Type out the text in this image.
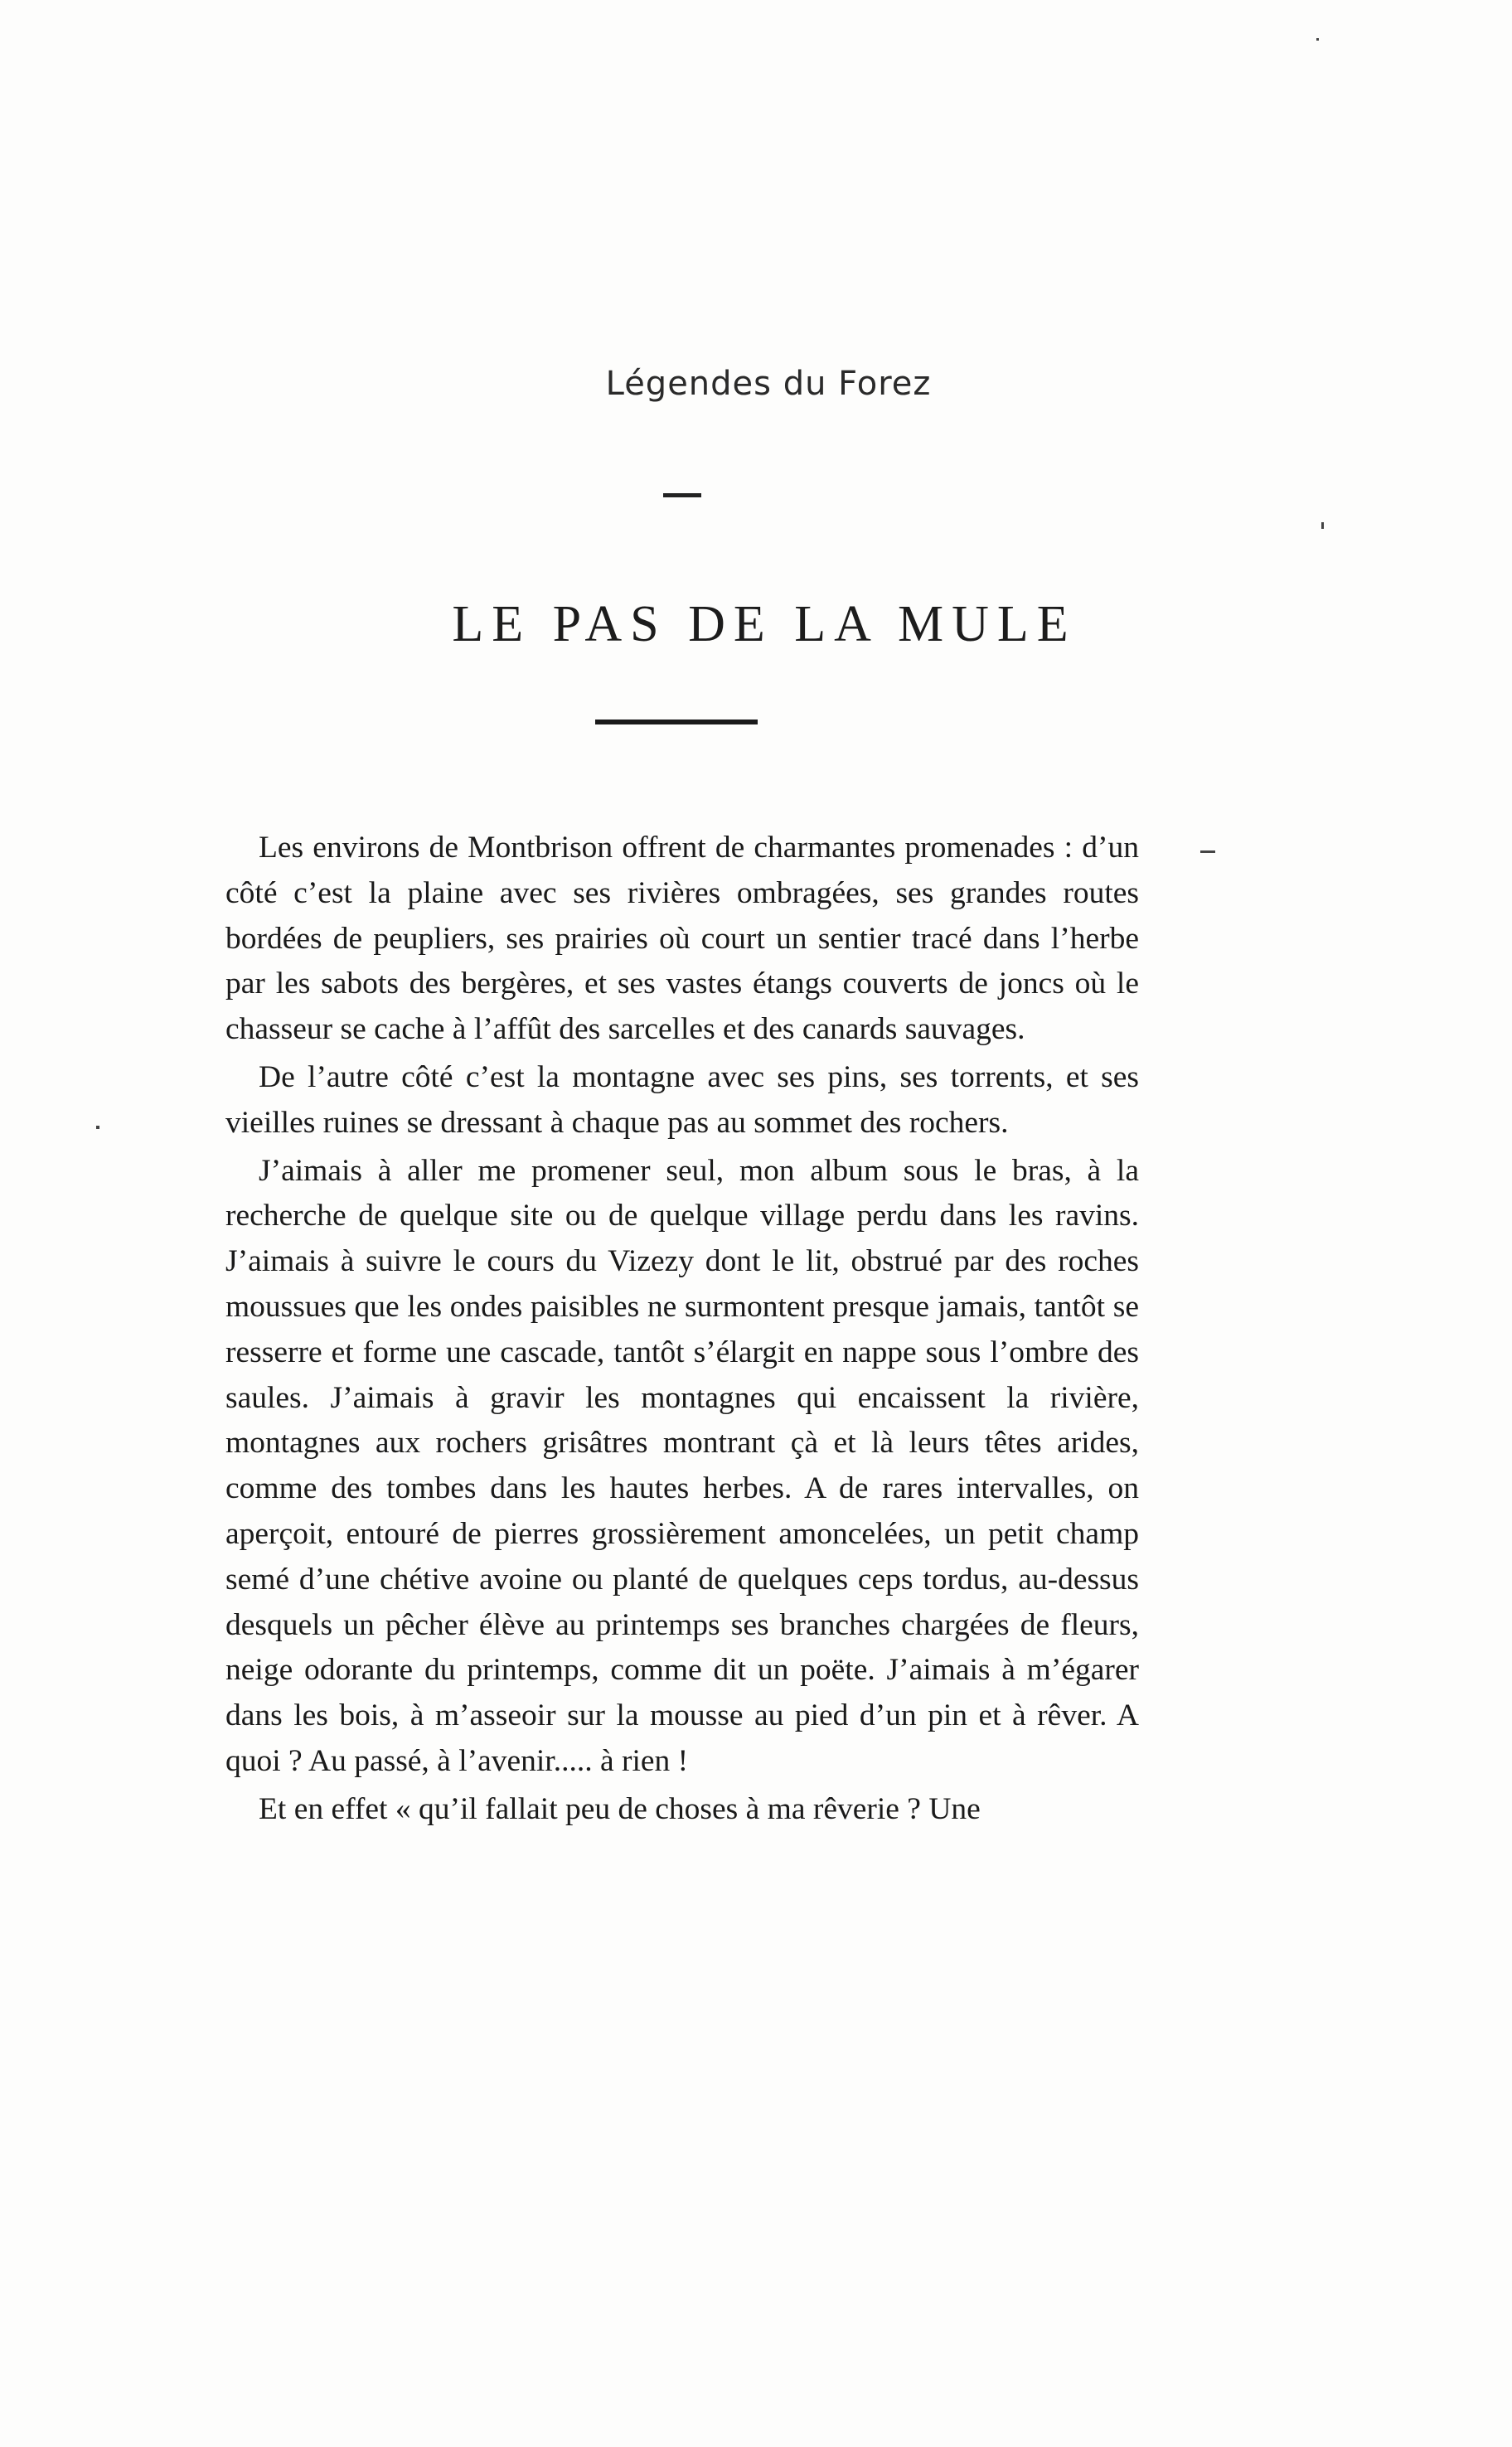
Légendes du Forez
LE PAS DE LA MULE

Les environs de Montbrison offrent de charmantes promenades : d’un côté c’est la plaine avec ses rivières ombragées, ses grandes routes bordées de peupliers, ses prairies où court un sentier tracé dans l’herbe par les sabots des bergères, et ses vastes étangs couverts de joncs où le chasseur se cache à l’affût des sarcelles et des canards sauvages.

De l’autre côté c’est la montagne avec ses pins, ses torrents, et ses vieilles ruines se dressant à chaque pas au sommet des rochers.

J’aimais à aller me promener seul, mon album sous le bras, à la recherche de quelque site ou de quelque village perdu dans les ravins. J’aimais à suivre le cours du Vizezy dont le lit, obstrué par des roches moussues que les ondes paisibles ne surmontent presque jamais, tantôt se resserre et forme une cascade, tantôt s’élargit en nappe sous l’ombre des saules. J’aimais à gravir les montagnes qui encaissent la rivière, montagnes aux rochers grisâtres montrant çà et là leurs têtes arides, comme des tombes dans les hautes herbes. A de rares intervalles, on aperçoit, entouré de pierres grossièrement amoncelées, un petit champ semé d’une chétive avoine ou planté de quelques ceps tordus, au-dessus desquels un pêcher élève au printemps ses branches chargées de fleurs, neige odorante du printemps, comme dit un poëte. J’aimais à m’égarer dans les bois, à m’asseoir sur la mousse au pied d’un pin et à rêver. A quoi ? Au passé, à l’avenir..... à rien !

Et en effet « qu’il fallait peu de choses à ma rêverie ? Une
